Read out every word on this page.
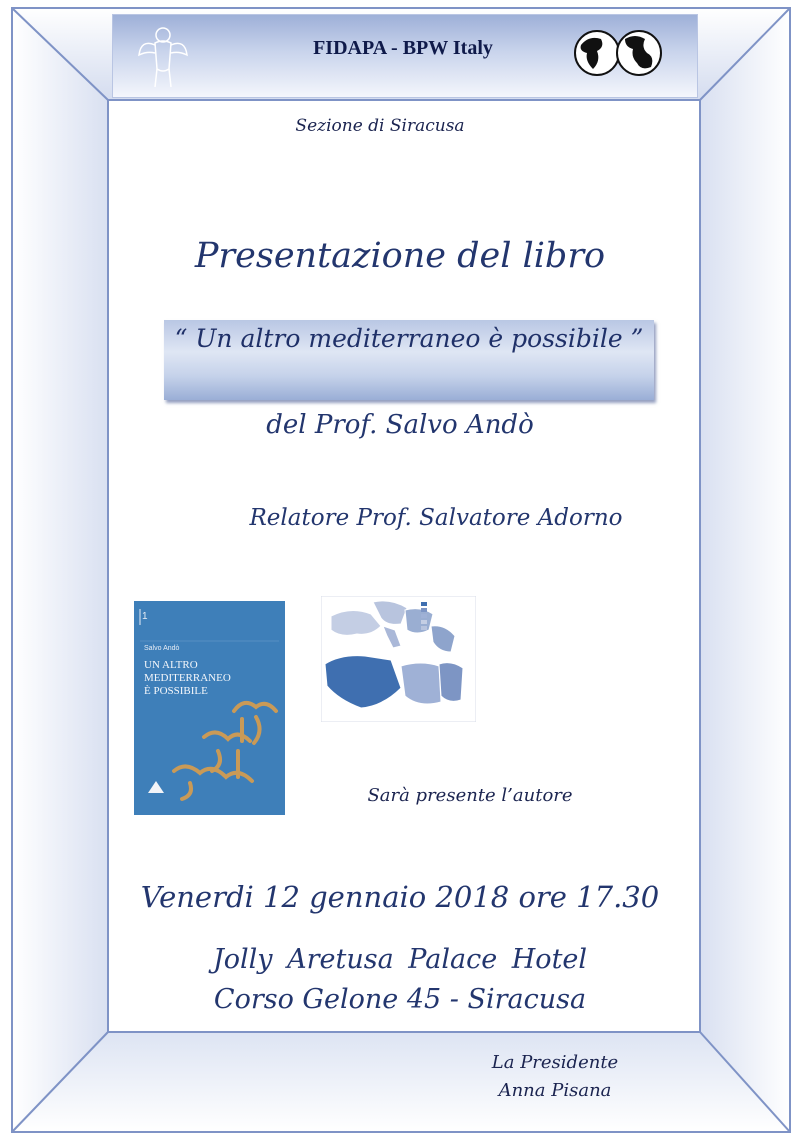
FIDAPA - BPW Italy
Sezione di Siracusa
Presentazione del libro
“ Un altro mediterraneo è possibile ”
del Prof. Salvo Andò
Relatore Prof. Salvatore Adorno
1
Salvo Andò
UN ALTRO
MEDITERRANEO
È POSSIBILE
Sarà presente l’autore
Venerdi 12 gennaio 2018 ore 17.30
Jolly Aretusa Palace Hotel
Corso Gelone 45 - Siracusa
La Presidente
Anna Pisana
